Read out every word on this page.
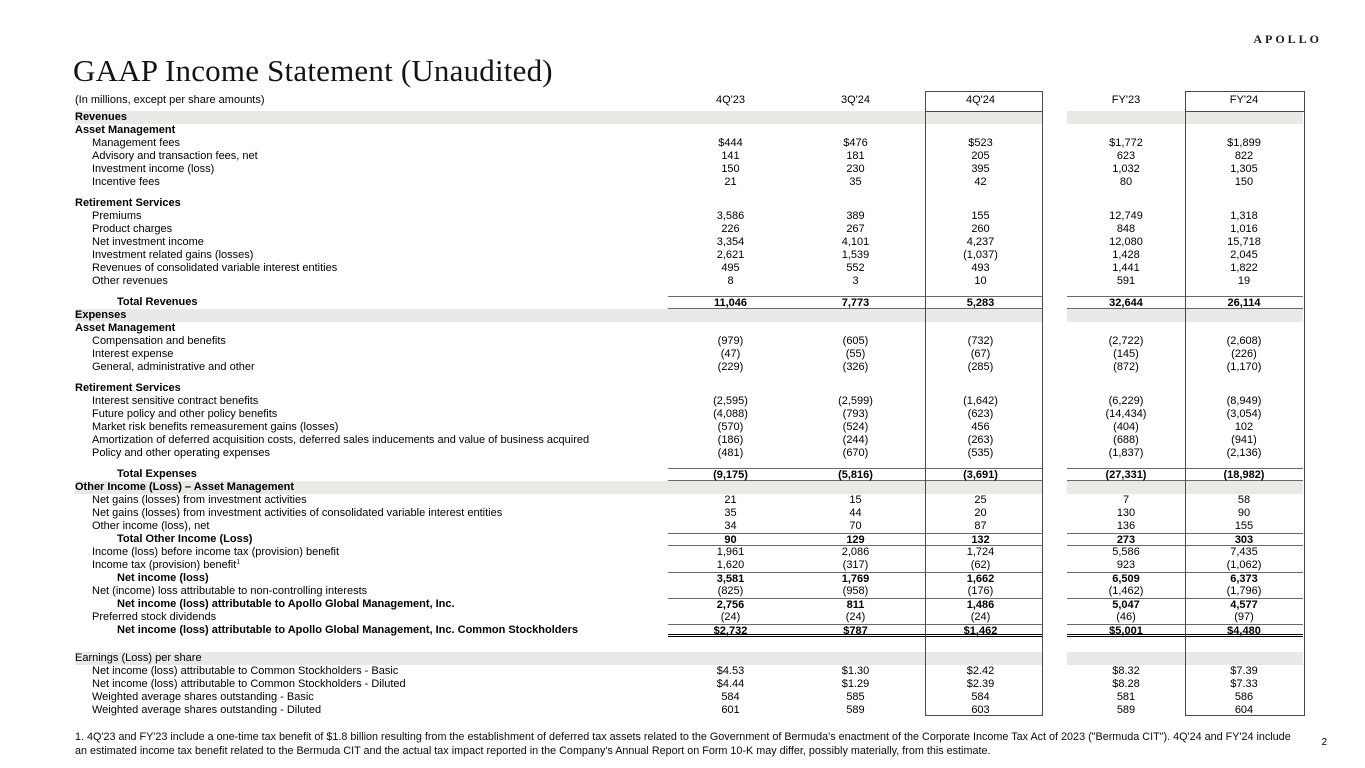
APOLLO
GAAP Income Statement (Unaudited)
(In millions, except per share amounts)	4Q'23	3Q'24	4Q'24	FY'23	FY'24
Revenues
Asset Management
Management fees	$444	$476	$523	$1,772	$1,899
Advisory and transaction fees, net	141	181	205	623	822
Investment income (loss)	150	230	395	1,032	1,305
Incentive fees	21	35	42	80	150
Retirement Services
Premiums	3,586	389	155	12,749	1,318
Product charges	226	267	260	848	1,016
Net investment income	3,354	4,101	4,237	12,080	15,718
Investment related gains (losses)	2,621	1,539	(1,037)	1,428	2,045
Revenues of consolidated variable interest entities	495	552	493	1,441	1,822
Other revenues	8	3	10	591	19
Total Revenues	11,046	7,773	5,283	32,644	26,114
Expenses
Asset Management
Compensation and benefits	(979)	(605)	(732)	(2,722)	(2,608)
Interest expense	(47)	(55)	(67)	(145)	(226)
General, administrative and other	(229)	(326)	(285)	(872)	(1,170)
Retirement Services
Interest sensitive contract benefits	(2,595)	(2,599)	(1,642)	(6,229)	(8,949)
Future policy and other policy benefits	(4,088)	(793)	(623)	(14,434)	(3,054)
Market risk benefits remeasurement gains (losses)	(570)	(524)	456	(404)	102
Amortization of deferred acquisition costs, deferred sales inducements and value of business acquired	(186)	(244)	(263)	(688)	(941)
Policy and other operating expenses	(481)	(670)	(535)	(1,837)	(2,136)
Total Expenses	(9,175)	(5,816)	(3,691)	(27,331)	(18,982)
Other Income (Loss) – Asset Management
Net gains (losses) from investment activities	21	15	25	7	58
Net gains (losses) from investment activities of consolidated variable interest entities	35	44	20	130	90
Other income (loss), net	34	70	87	136	155
Total Other Income (Loss)	90	129	132	273	303
Income (loss) before income tax (provision) benefit	1,961	2,086	1,724	5,586	7,435
Income tax (provision) benefit$^1$	1,620	(317)	(62)	923	(1,062)
Net income (loss)	3,581	1,769	1,662	6,509	6,373
Net (income) loss attributable to non-controlling interests	(825)	(958)	(176)	(1,462)	(1,796)
Net income (loss) attributable to Apollo Global Management, Inc.	2,756	811	1,486	5,047	4,577
Preferred stock dividends	(24)	(24)	(24)	(46)	(97)
Net income (loss) attributable to Apollo Global Management, Inc. Common Stockholders	$2,732	$787	$1,462	$5,001	$4,480
Earnings (Loss) per share
Net income (loss) attributable to Common Stockholders - Basic	$4.53	$1.30	$2.42	$8.32	$7.39
Net income (loss) attributable to Common Stockholders - Diluted	$4.44	$1.29	$2.39	$8.28	$7.33
Weighted average shares outstanding - Basic	584	585	584	581	586
Weighted average shares outstanding - Diluted	601	589	603	589	604
1. 4Q'23 and FY'23 include a one-time tax benefit of $1.8 billion resulting from the establishment of deferred tax assets related to the Government of Bermuda's enactment of the Corporate Income Tax Act of 2023 ("Bermuda CIT"). 4Q'24 and FY'24 include an estimated income tax benefit related to the Bermuda CIT and the actual tax impact reported in the Company's Annual Report on Form 10-K may differ, possibly materially, from this estimate.
2
